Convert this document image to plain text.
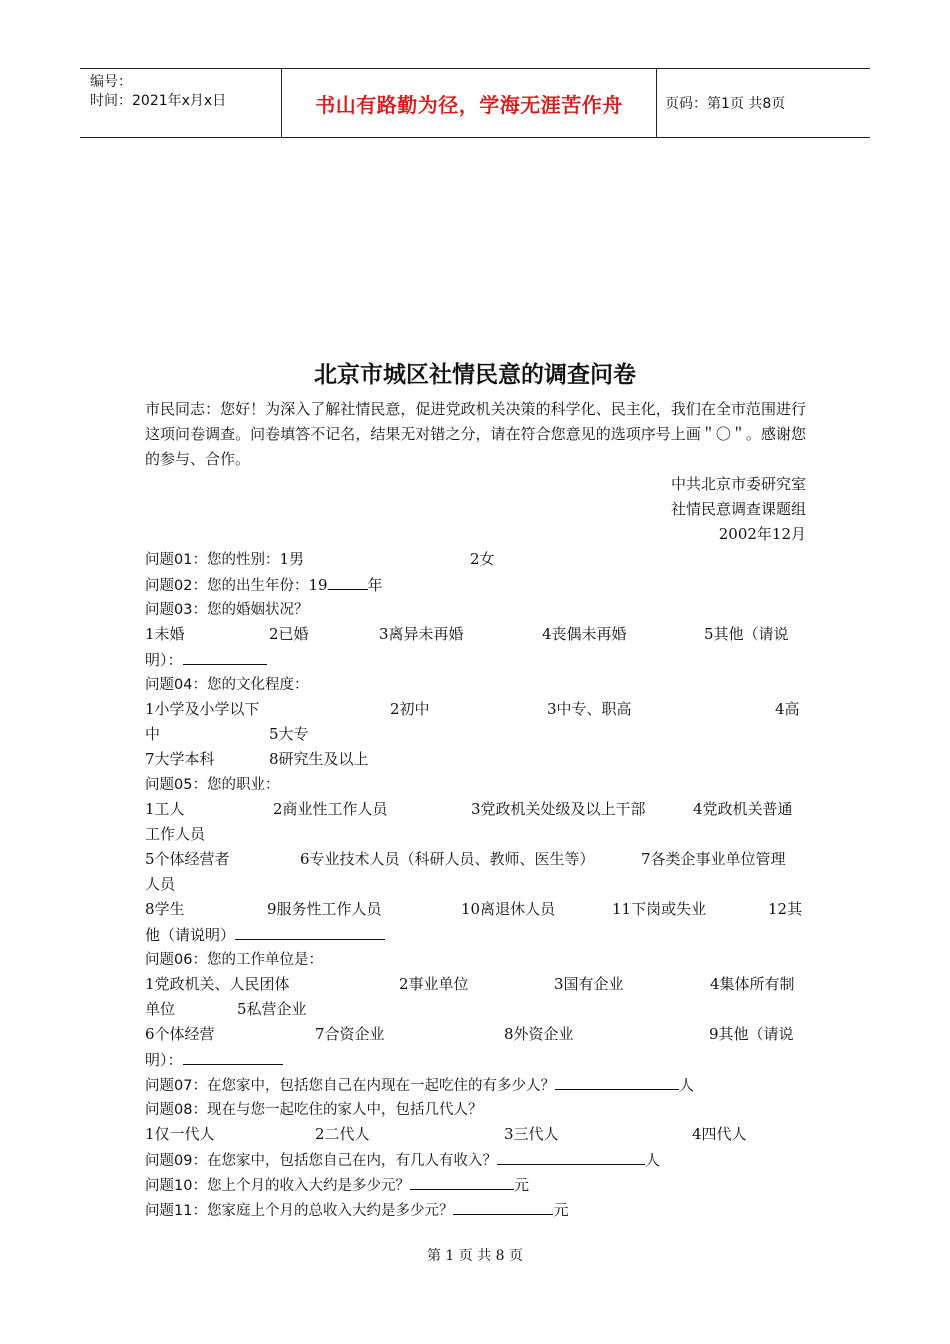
编号：
时间：2021年x月x日	书山有路勤为径，学海无涯苦作舟	页码：第1页 共8页
北京市城区社情民意的调查问卷

市民同志：您好！为深入了解社情民意，促进党政机关决策的科学化、民主化，我们在全市范围进行这项问卷调查。问卷填答不记名，结果无对错之分，请在符合您意见的选项序号上画＂〇＂。感谢您的参与、合作。

中共北京市委研究室

社情民意调查课题组

2002年12月

问题01：您的性别：1男	2女
问题02：您的出生年份：19	年
问题03：您的婚姻状况？
1未婚	2已婚	3离异未再婚	4丧偶未再婚	5其他（请说
明）：
问题04：您的文化程度：
1小学及小学以下	2初中	3中专、职高	4高
中	5大专
7大学本科	8研究生及以上
问题05：您的职业：
1工人	2商业性工作人员	3党政机关处级及以上干部	4党政机关普通
工作人员
5个体经营者	6专业技术人员（科研人员、教师、医生等）	7各类企事业单位管理
人员
8学生	9服务性工作人员	10离退休人员	11下岗或失业	12其
他（请说明）
问题06：您的工作单位是：
1党政机关、人民团体	2事业单位	3国有企业	4集体所有制
单位	5私营企业
6个体经营	7合资企业	8外资企业	9其他（请说
明）：
问题07：在您家中，包括您自己在内现在一起吃住的有多少人？	人
问题08：现在与您一起吃住的家人中，包括几代人？
1仅一代人	2二代人	3三代人	4四代人
问题09：在您家中，包括您自己在内，有几人有收入？	人
问题10：您上个月的收入大约是多少元？	元
问题11：您家庭上个月的总收入大约是多少元？	元
第 1 页 共 8 页
